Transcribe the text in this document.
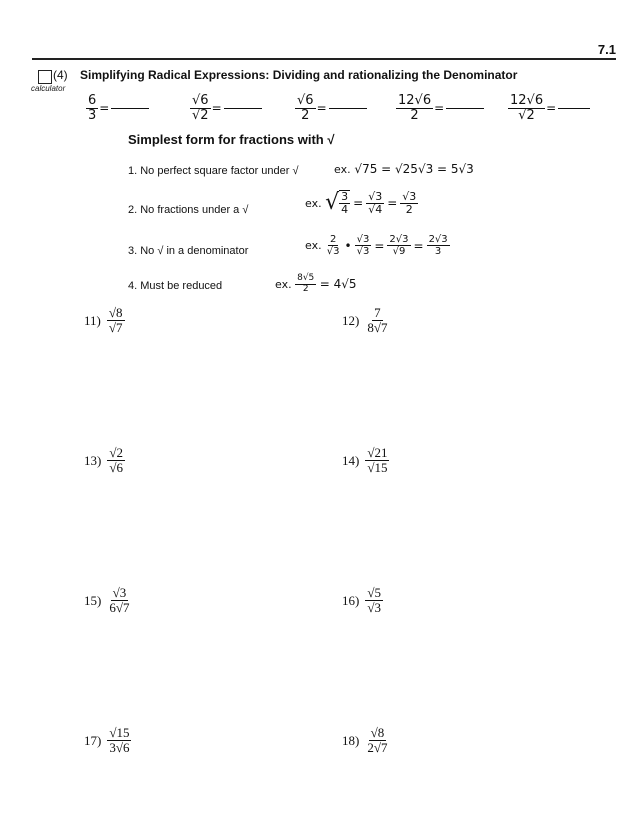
7.1
(4)
calculator
Simplifying Radical Expressions: Dividing and rationalizing the Denominator
$\frac{6}{3}$ =	$\frac{√6}{√2}$ =	$\frac{√6}{2}$ =	$\frac{12√6}{2}$ =	$\frac{12√6}{√2}$ =
Simplest form for fractions with √
1. No perfect square factor under √	ex.
√75 = √25√3 = 5√3
2. No fractions under a √
ex.
√ $\frac{3}{4} = \frac{√3}{√4} = \frac{√3}{2}$
3. No √ in a denominator	ex.
$\frac{2}{√3}$ • $\frac{√3}{√3} = \frac{2√3}{√9} = \frac{2√3}{3}$
4. Must be reduced	ex.
$\frac{8√5}{2}$
= 4√5
$11) \frac{√8}{√7}$	$12) \frac{7}{8√7}$
$13) \frac{√2}{√6}$	$14) \frac{√21}{√15}$
$15) \frac{√3}{6√7}$	$16) \frac{√5}{√3}$
$17) \frac{√15}{3√6}$	$18) \frac{√8}{2√7}$
